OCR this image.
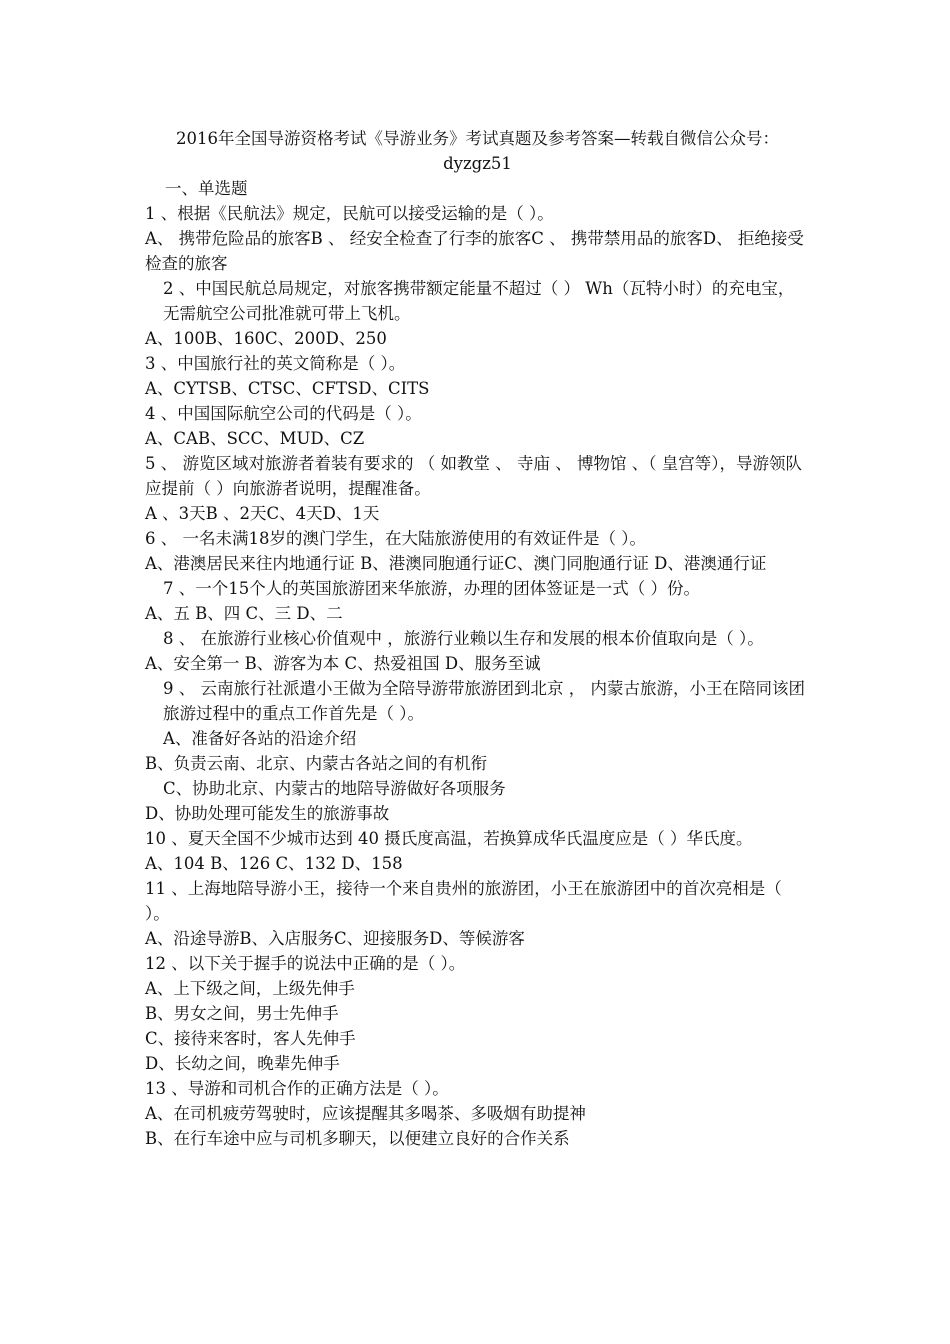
2016年全国导游资格考试《导游业务》考试真题及参考答案—转载自微信公众号：dyzgz51

一、单选题

1 、根据《民航法》规定，民航可以接受运输的是（ ）。

A、 携带危险品的旅客B 、 经安全检查了行李的旅客C 、 携带禁用品的旅客D、 拒绝接受检查的旅客

2 、中国民航总局规定，对旅客携带额定能量不超过（ ） Wh（瓦特小时）的充电宝，无需航空公司批准就可带上飞机。

A、100B、160C、200D、250

3 、中国旅行社的英文简称是（ ）。

A、CYTSB、CTSC、CFTSD、CITS

4 、中国国际航空公司的代码是（ ）。

A、CAB、SCC、MUD、CZ

5 、 游览区域对旅游者着装有要求的 （ 如教堂 、 寺庙 、 博物馆 、（ 皇宫等），导游领队应提前（ ）向旅游者说明，提醒准备。

A 、3天B 、2天C、4天D、1天

6 、 一名未满18岁的澳门学生，在大陆旅游使用的有效证件是（ ）。

A、港澳居民来往内地通行证 B、港澳同胞通行证C、澳门同胞通行证 D、港澳通行证

7 、一个15个人的英国旅游团来华旅游，办理的团体签证是一式（ ）份。

A、五 B、四 C、三 D、二

8 、 在旅游行业核心价值观中 ，旅游行业赖以生存和发展的根本价值取向是（ ）。

A、安全第一 B、游客为本 C、热爱祖国 D、服务至诚

9 、 云南旅行社派遣小王做为全陪导游带旅游团到北京 ， 内蒙古旅游，小王在陪同该团旅游过程中的重点工作首先是（ ）。

A、准备好各站的沿途介绍

B、负责云南、北京、内蒙古各站之间的有机衔

C、协助北京、内蒙古的地陪导游做好各项服务

D、协助处理可能发生的旅游事故

10 、夏天全国不少城市达到 40 摄氏度高温，若换算成华氏温度应是（ ）华氏度。

A、104 B、126 C、132 D、158

11 、上海地陪导游小王，接待一个来自贵州的旅游团，小王在旅游团中的首次亮相是（ ）。

A、沿途导游B、入店服务C、迎接服务D、等候游客

12 、以下关于握手的说法中正确的是（ ）。

A、上下级之间，上级先伸手

B、男女之间，男士先伸手

C、接待来客时，客人先伸手

D、长幼之间，晚辈先伸手

13 、导游和司机合作的正确方法是（ ）。

A、在司机疲劳驾驶时，应该提醒其多喝茶、多吸烟有助提神

B、在行车途中应与司机多聊天，以便建立良好的合作关系
